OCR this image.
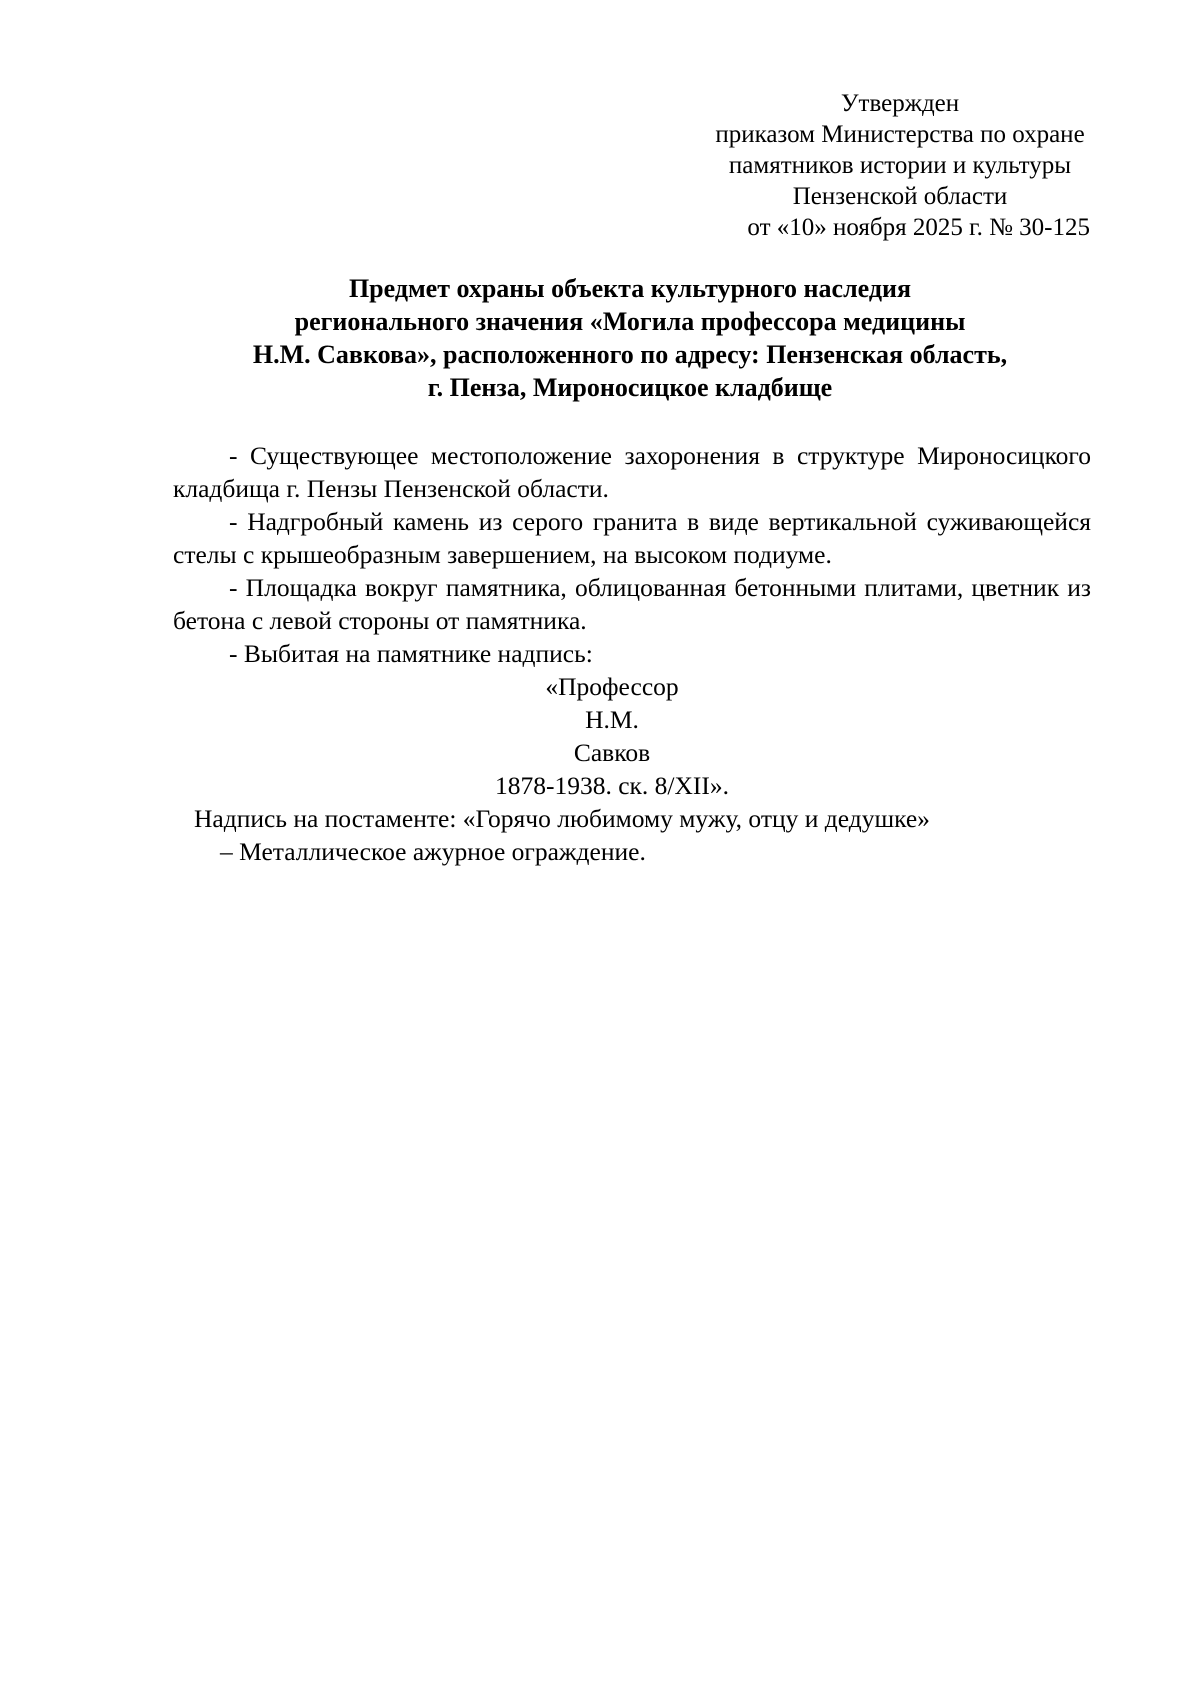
Утвержден
приказом Министерства по охране
памятников истории и культуры
Пензенской области
от «10» ноября 2025 г. № 30-125
Предмет охраны объекта культурного наследия
регионального значения «Могила профессора медицины
Н.М. Савкова», расположенного по адресу: Пензенская область,
г. Пенза, Мироносицкое кладбище

- Существующее местоположение захоронения в структуре Мироносицкого кладбища г. Пензы Пензенской области.

- Надгробный камень из серого гранита в виде вертикальной суживающейся стелы с крышеобразным завершением, на высоком подиуме.

- Площадка вокруг памятника, облицованная бетонными плитами, цветник из бетона с левой стороны от памятника.

- Выбитая на памятнике надпись:

«Профессор
Н.М.
Савков
1878-1938. ск. 8/XII».

Надпись на постаменте: «Горячо любимому мужу, отцу и дедушке»

– Металлическое ажурное ограждение.
